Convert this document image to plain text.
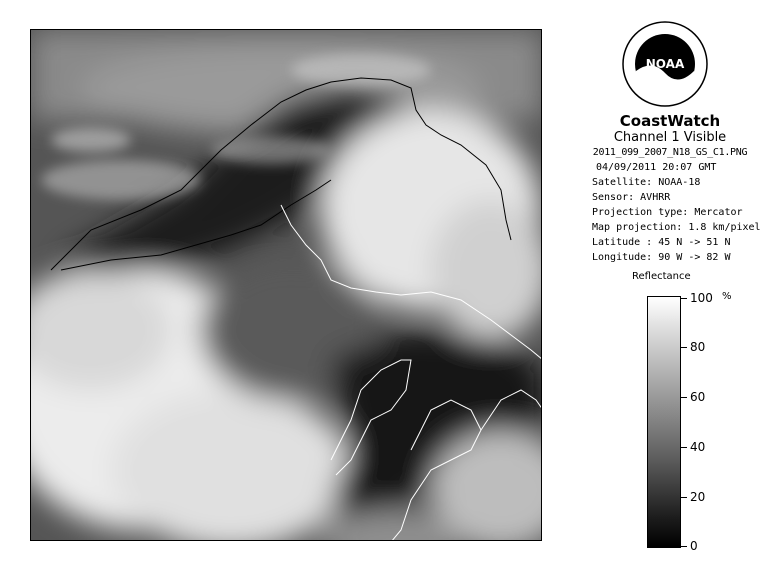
NOAA
CoastWatch
Channel 1 Visible
2011_099_2007_N18_GS_C1.PNG
04/09/2011 20:07 GMT
Satellite: NOAA-18
Sensor: AVHRR
Projection type: Mercator
Map projection: 1.8 km/pixel
Latitude : 45 N -> 51 N
Longitude: 90 W -> 82 W
Reflectance
%
100
80
60
40
20
0
